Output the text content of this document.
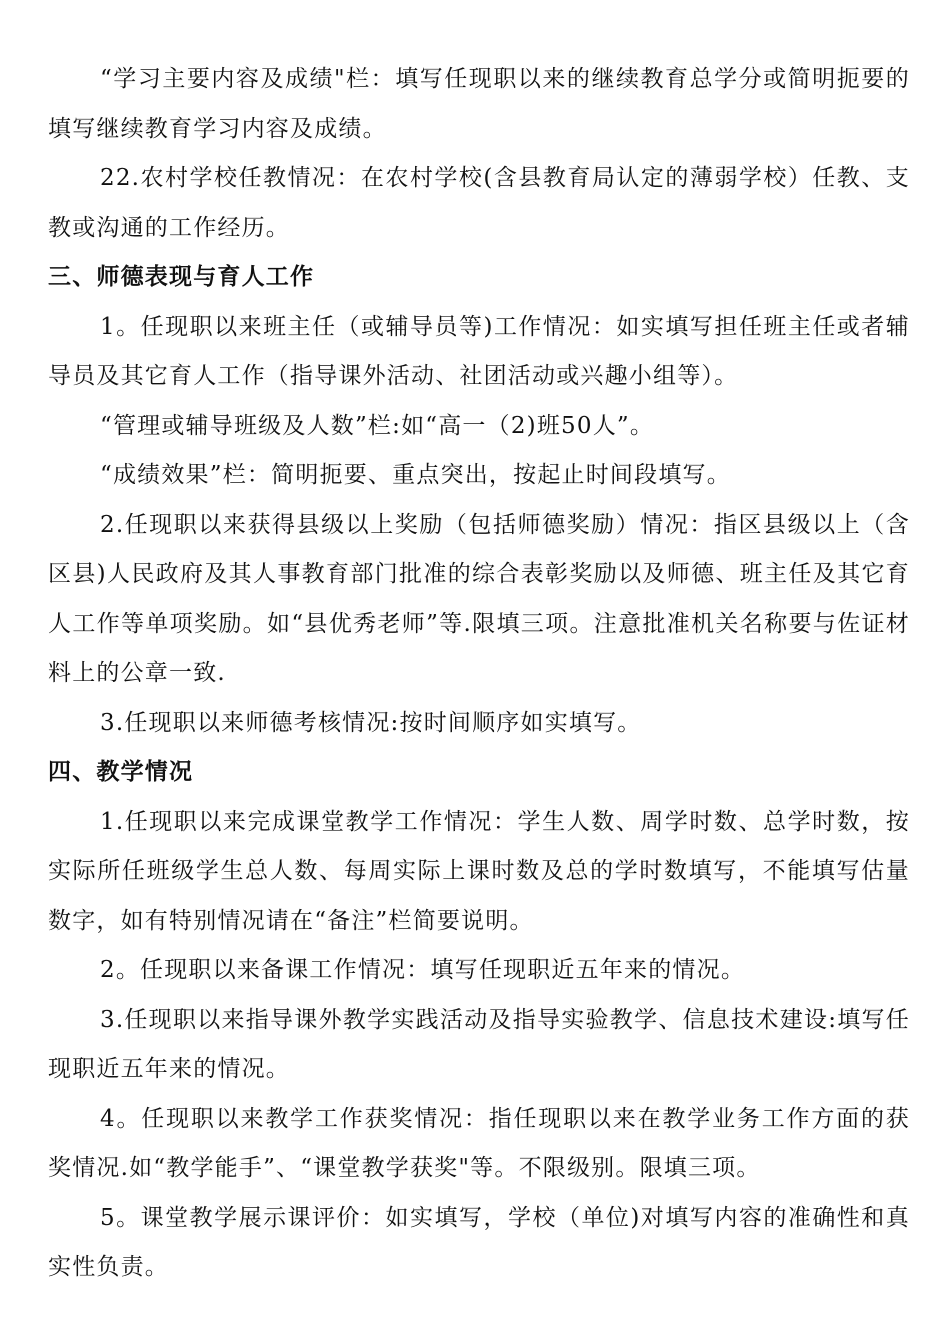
“学习主要内容及成绩"栏：填写任现职以来的继续教育总学分或简明扼要的填写继续教育学习内容及成绩。

22.农村学校任教情况：在农村学校(含县教育局认定的薄弱学校）任教、支教或沟通的工作经历。

三、师德表现与育人工作

1。任现职以来班主任（或辅导员等)工作情况：如实填写担任班主任或者辅导员及其它育人工作（指导课外活动、社团活动或兴趣小组等）。

“管理或辅导班级及人数”栏:如“高一（2)班50人”。

“成绩效果”栏：简明扼要、重点突出，按起止时间段填写。

2.任现职以来获得县级以上奖励（包括师德奖励）情况：指区县级以上（含区县)人民政府及其人事教育部门批准的综合表彰奖励以及师德、班主任及其它育人工作等单项奖励。如“县优秀老师”等.限填三项。注意批准机关名称要与佐证材料上的公章一致.

3.任现职以来师德考核情况:按时间顺序如实填写。

四、教学情况

1.任现职以来完成课堂教学工作情况：学生人数、周学时数、总学时数，按实际所任班级学生总人数、每周实际上课时数及总的学时数填写，不能填写估量数字，如有特别情况请在“备注”栏简要说明。

2。任现职以来备课工作情况：填写任现职近五年来的情况。

3.任现职以来指导课外教学实践活动及指导实验教学、信息技术建设:填写任现职近五年来的情况。

4。任现职以来教学工作获奖情况：指任现职以来在教学业务工作方面的获奖情况.如“教学能手”、“课堂教学获奖"等。不限级别。限填三项。

5。课堂教学展示课评价：如实填写，学校（单位)对填写内容的准确性和真实性负责。
